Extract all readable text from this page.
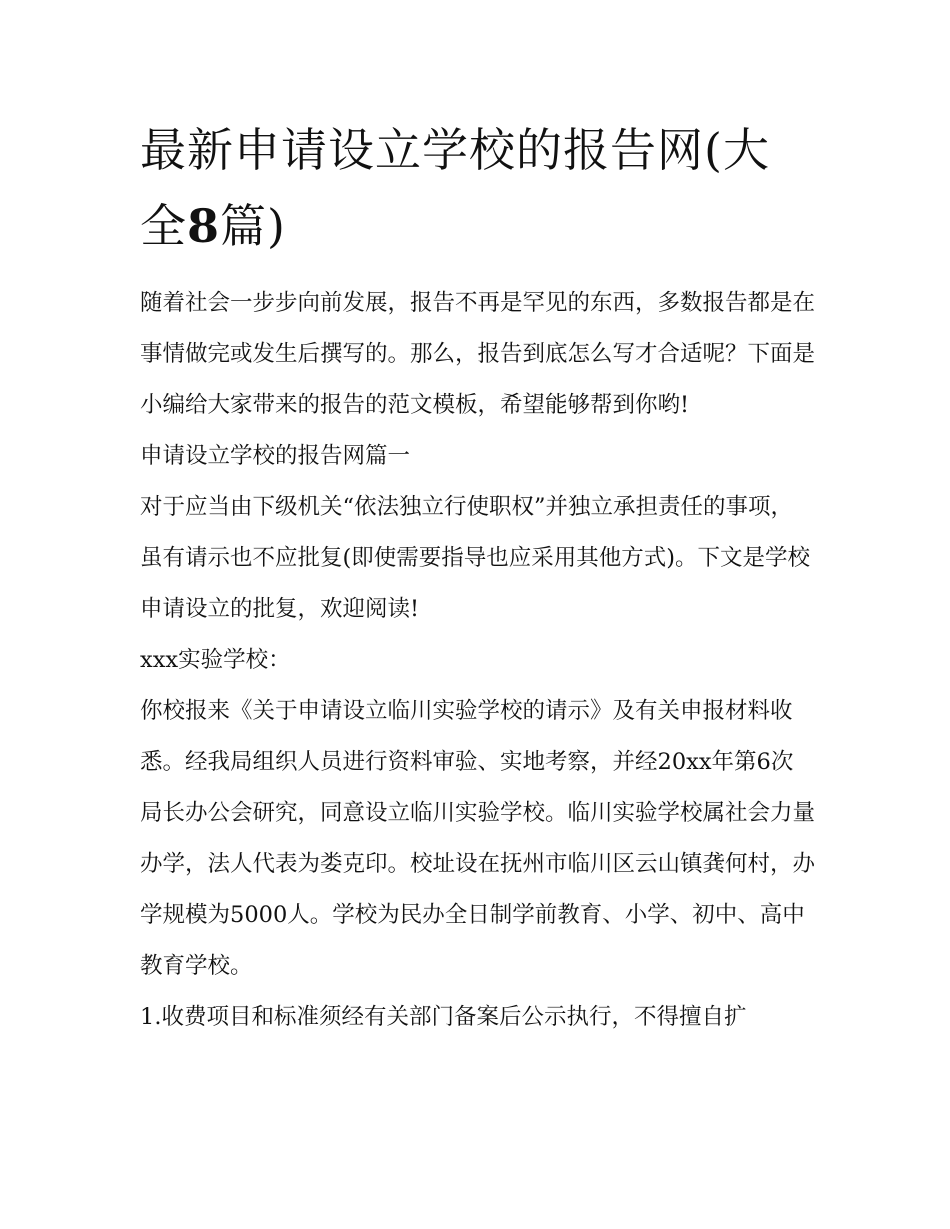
最新申请设立学校的报告网(大全8篇)

随着社会一步步向前发展，报告不再是罕见的东西，多数报告都是在事情做完或发生后撰写的。那么，报告到底怎么写才合适呢？下面是小编给大家带来的报告的范文模板，希望能够帮到你哟!

申请设立学校的报告网篇一

对于应当由下级机关“依法独立行使职权”并独立承担责任的事项，虽有请示也不应批复(即使需要指导也应采用其他方式)。下文是学校申请设立的批复，欢迎阅读!

xxx实验学校：

你校报来《关于申请设立临川实验学校的请示》及有关申报材料收悉。经我局组织人员进行资料审验、实地考察，并经20xx年第6次局长办公会研究，同意设立临川实验学校。临川实验学校属社会力量办学，法人代表为娄克印。校址设在抚州市临川区云山镇龚何村，办学规模为5000人。学校为民办全日制学前教育、小学、初中、高中教育学校。

1.收费项目和标准须经有关部门备案后公示执行，不得擅自扩
